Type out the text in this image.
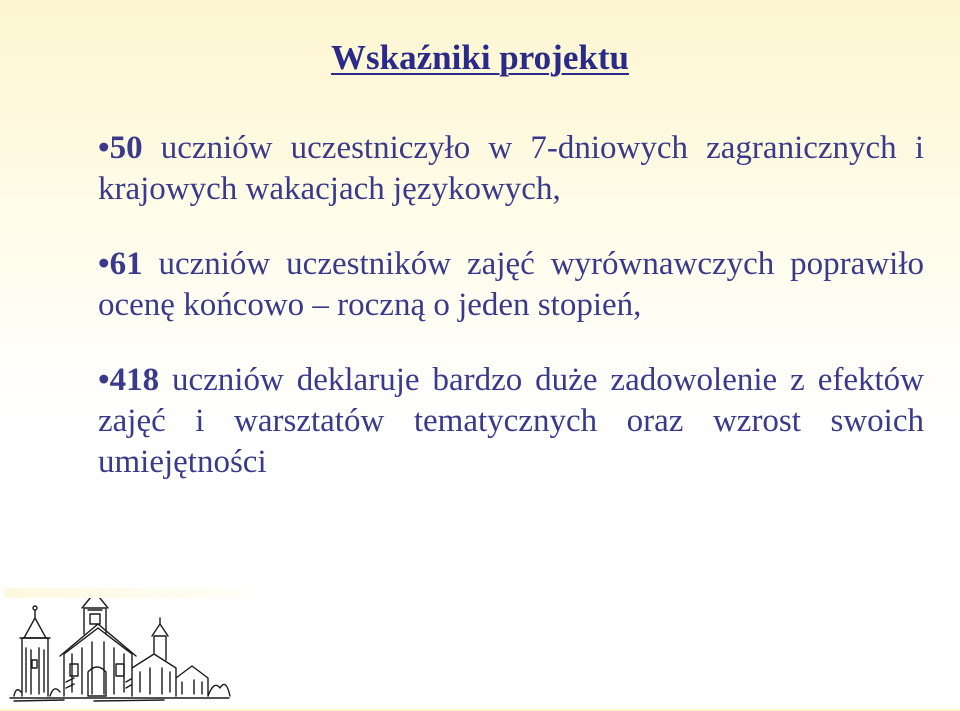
Wskaźniki projektu
•50 uczniów uczestniczyło w 7-dniowych zagranicznych i krajowych wakacjach językowych,
•61 uczniów uczestników zajęć wyrównawczych poprawiło ocenę końcowo – roczną o jeden stopień,
•418 uczniów deklaruje bardzo duże zadowolenie z efektów zajęć i warsztatów tematycznych oraz wzrost swoich umiejętności
